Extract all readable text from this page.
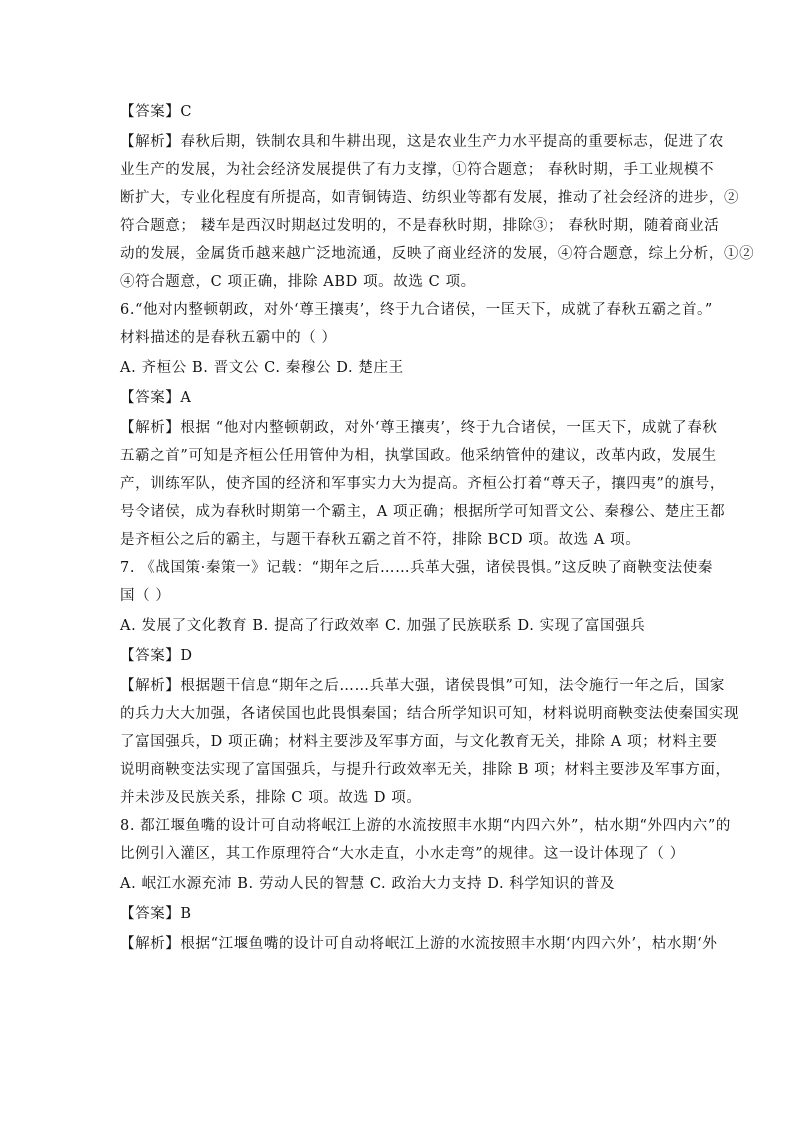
【答案】C
【解析】春秋后期，铁制农具和牛耕出现，这是农业生产力水平提高的重要标志，促进了农
业生产的发展，为社会经济发展提供了有力支撑，①符合题意； 春秋时期，手工业规模不
断扩大，专业化程度有所提高，如青铜铸造、纺织业等都有发展，推动了社会经济的进步，②
符合题意； 耧车是西汉时期赵过发明的，不是春秋时期，排除③； 春秋时期，随着商业活
动的发展，金属货币越来越广泛地流通，反映了商业经济的发展，④符合题意，综上分析，①②
④符合题意，C 项正确，排除 ABD 项。故选 C 项。
6.“他对内整顿朝政，对外‘尊王攘夷’，终于九合诸侯，一匡天下，成就了春秋五霸之首。”
材料描述的是春秋五霸中的（ ）
A. 齐桓公 B. 晋文公 C. 秦穆公 D. 楚庄王
【答案】A
【解析】根据 “他对内整顿朝政，对外‘尊王攘夷’，终于九合诸侯，一匡天下，成就了春秋
五霸之首”可知是齐桓公任用管仲为相，执掌国政。他采纳管仲的建议，改革内政，发展生
产，训练军队，使齐国的经济和军事实力大为提高。齐桓公打着“尊天子，攘四夷”的旗号，
号令诸侯，成为春秋时期第一个霸主，A 项正确；根据所学可知晋文公、秦穆公、楚庄王都
是齐桓公之后的霸主，与题干春秋五霸之首不符，排除 BCD 项。故选 A 项。
7. 《战国策·秦策一》记载：“期年之后……兵革大强，诸侯畏惧。”这反映了商鞅变法使秦
国（ ）
A. 发展了文化教育 B. 提高了行政效率 C. 加强了民族联系 D. 实现了富国强兵
【答案】D
【解析】根据题干信息“期年之后……兵革大强，诸侯畏惧”可知，法令施行一年之后，国家
的兵力大大加强，各诸侯国也此畏惧秦国；结合所学知识可知，材料说明商鞅变法使秦国实现
了富国强兵，D 项正确；材料主要涉及军事方面，与文化教育无关，排除 A 项；材料主要
说明商鞅变法实现了富国强兵，与提升行政效率无关，排除 B 项；材料主要涉及军事方面，
并未涉及民族关系，排除 C 项。故选 D 项。
8. 都江堰鱼嘴的设计可自动将岷江上游的水流按照丰水期“内四六外”，枯水期“外四内六”的
比例引入灌区，其工作原理符合“大水走直，小水走弯”的规律。这一设计体现了（ ）
A. 岷江水源充沛 B. 劳动人民的智慧 C. 政治大力支持 D. 科学知识的普及
【答案】B
【解析】根据“江堰鱼嘴的设计可自动将岷江上游的水流按照丰水期‘内四六外’，枯水期‘外
